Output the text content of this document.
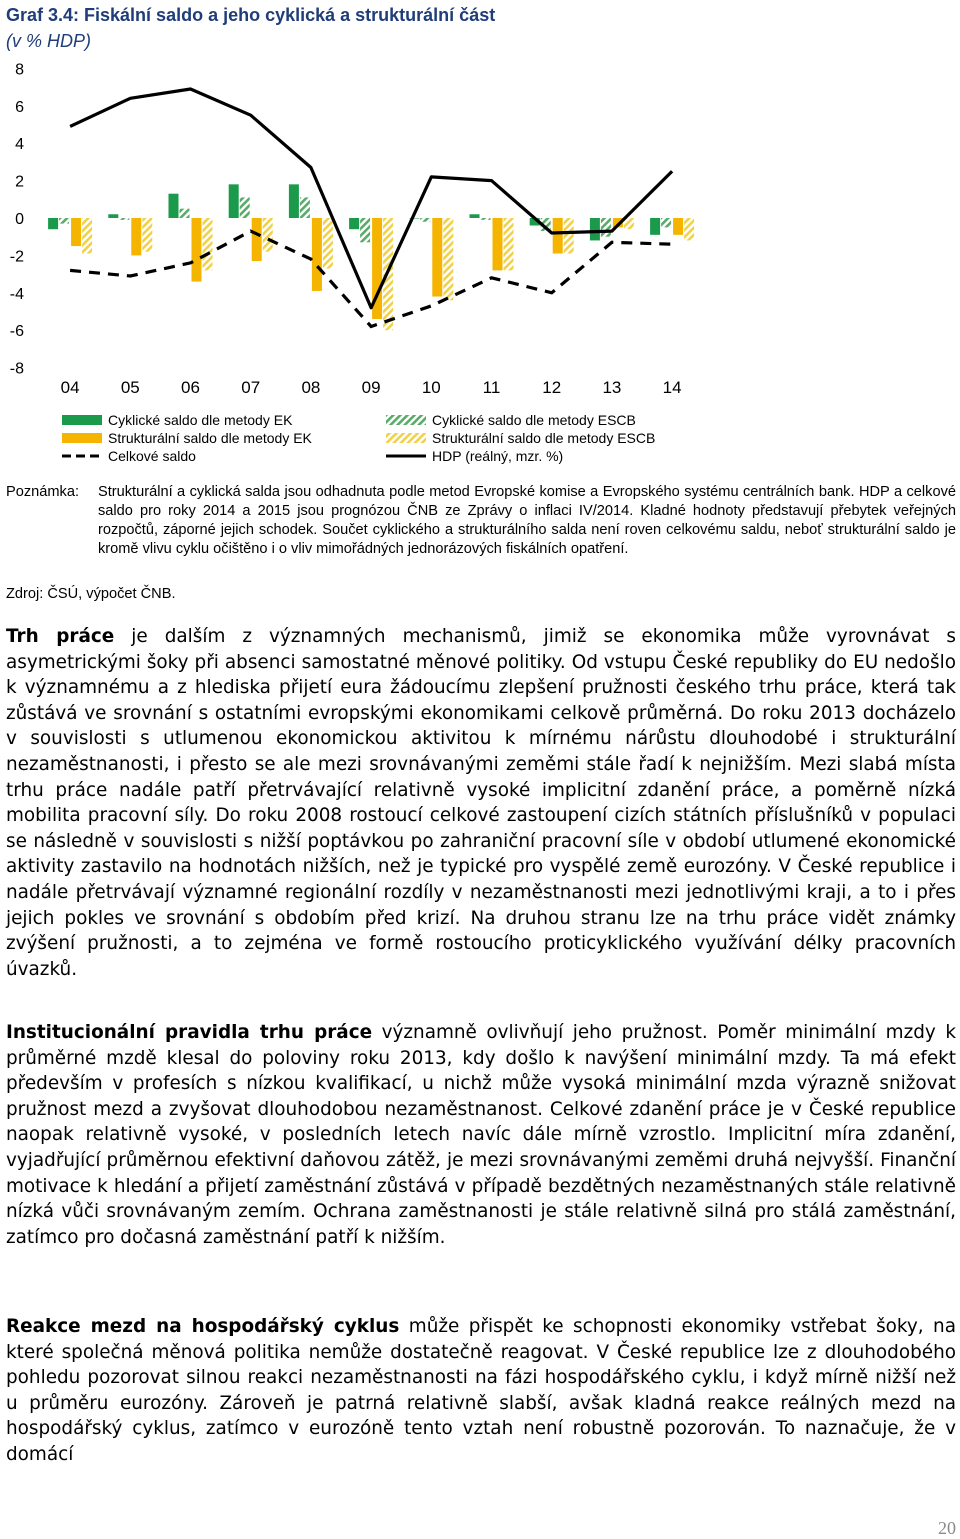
Graf 3.4: Fiskální saldo a jeho cyklická a strukturální část
(v % HDP)
-8
-6
-4
-2
0
2
4
6
8
04 05 06 07 08 09 10 11 12 13 14
Cyklické saldo dle metody EK
Strukturální saldo dle metody EK
Celkové saldo
Cyklické saldo dle metody ESCB
Strukturální saldo dle metody ESCB
HDP (reálný, mzr. %)
Poznámka: Strukturální a cyklická salda jsou odhadnuta podle metod Evropské komise a Evropského systému centrálních bank. HDP a celkové saldo pro roky 2014 a 2015 jsou prognózou ČNB ze Zprávy o inflaci IV/2014. Kladné hodnoty představují přebytek veřejných rozpočtů, záporné jejich schodek. Součet cyklického a strukturálního salda není roven celkovému saldu, neboť strukturální saldo je kromě vlivu cyklu očištěno i o vliv mimořádných jednorázových fiskálních opatření.
Zdroj: ČSÚ, výpočet ČNB.
Trh práce je dalším z významných mechanismů, jimiž se ekonomika může vyrovnávat s asymetrickými šoky při absenci samostatné měnové politiky. Od vstupu České republiky do EU nedošlo k významnému a z hlediska přijetí eura žádoucímu zlepšení pružnosti českého trhu práce, která tak zůstává ve srovnání s ostatními evropskými ekonomikami celkově průměrná. Do roku 2013 docházelo v souvislosti s utlumenou ekonomickou aktivitou k mírnému nárůstu dlouhodobé i strukturální nezaměstnanosti, i přesto se ale mezi srovnávanými zeměmi stále řadí k nejnižším. Mezi slabá místa trhu práce nadále patří přetrvávající relativně vysoké implicitní zdanění práce, a poměrně nízká mobilita pracovní síly. Do roku 2008 rostoucí celkové zastoupení cizích státních příslušníků v populaci se následně v souvislosti s nižší poptávkou po zahraniční pracovní síle v období utlumené ekonomické aktivity zastavilo na hodnotách nižších, než je typické pro vyspělé země eurozóny. V České republice i nadále přetrvávají významné regionální rozdíly v nezaměstnanosti mezi jednotlivými kraji, a to i přes jejich pokles ve srovnání s obdobím před krizí. Na druhou stranu lze na trhu práce vidět známky zvýšení pružnosti, a to zejména ve formě rostoucího proticyklického využívání délky pracovních úvazků.
Institucionální pravidla trhu práce významně ovlivňují jeho pružnost. Poměr minimální mzdy k průměrné mzdě klesal do poloviny roku 2013, kdy došlo k navýšení minimální mzdy. Ta má efekt především v profesích s nízkou kvalifikací, u nichž může vysoká minimální mzda výrazně snižovat pružnost mezd a zvyšovat dlouhodobou nezaměstnanost. Celkové zdanění práce je v České republice naopak relativně vysoké, v posledních letech navíc dále mírně vzrostlo. Implicitní míra zdanění, vyjadřující průměrnou efektivní daňovou zátěž, je mezi srovnávanými zeměmi druhá nejvyšší. Finanční motivace k hledání a přijetí zaměstnání zůstává v případě bezdětných nezaměstnaných stále relativně nízká vůči srovnávaným zemím. Ochrana zaměstnanosti je stále relativně silná pro stálá zaměstnání, zatímco pro dočasná zaměstnání patří k nižším.
Reakce mezd na hospodářský cyklus může přispět ke schopnosti ekonomiky vstřebat šoky, na které společná měnová politika nemůže dostatečně reagovat. V České republice lze z dlouhodobého pohledu pozorovat silnou reakci nezaměstnanosti na fázi hospodářského cyklu, i když mírně nižší než u průměru eurozóny. Zároveň je patrná relativně slabší, avšak kladná reakce reálných mezd na hospodářský cyklus, zatímco v eurozóně tento vztah není robustně pozorován. To naznačuje, že v domácí
20
